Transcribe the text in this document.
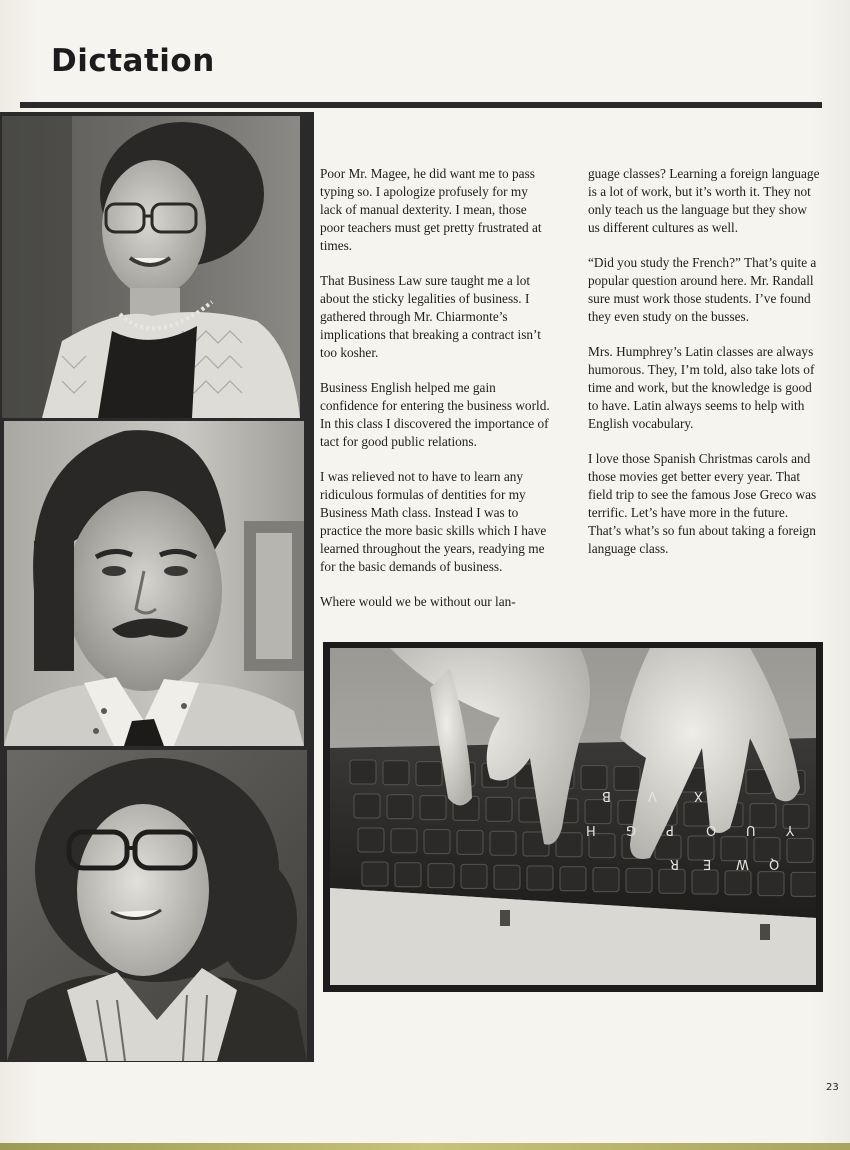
Dictation
B	V	X
H G P O U Y
R E W Q

Poor Mr. Magee, he did want me to pass typing so. I apologize profusely for my lack of manual dexterity. I mean, those poor teachers must get pretty frustrated at times.

That Business Law sure taught me a lot about the sticky legalities of business. I gathered through Mr. Chiarmonte’s implications that breaking a contract isn’t too kosher.

Business English helped me gain confidence for entering the business world. In this class I discovered the importance of tact for good public relations.

I was relieved not to have to learn any ridiculous formulas of dentities for my Business Math class. Instead I was to practice the more basic skills which I have learned throughout the years, readying me for the basic demands of business.

Where would we be without our lan-

guage classes? Learning a foreign language is a lot of work, but it’s worth it. They not only teach us the language but they show us different cultures as well.

“Did you study the French?” That’s quite a popular question around here. Mr. Randall sure must work those students. I’ve found they even study on the busses.

Mrs. Humphrey’s Latin classes are always humorous. They, I’m told, also take lots of time and work, but the knowledge is good to have. Latin always seems to help with English vocabulary.

I love those Spanish Christmas carols and those movies get better every year. That field trip to see the famous Jose Greco was terrific. Let’s have more in the future. That’s what’s so fun about taking a foreign language class.

23
